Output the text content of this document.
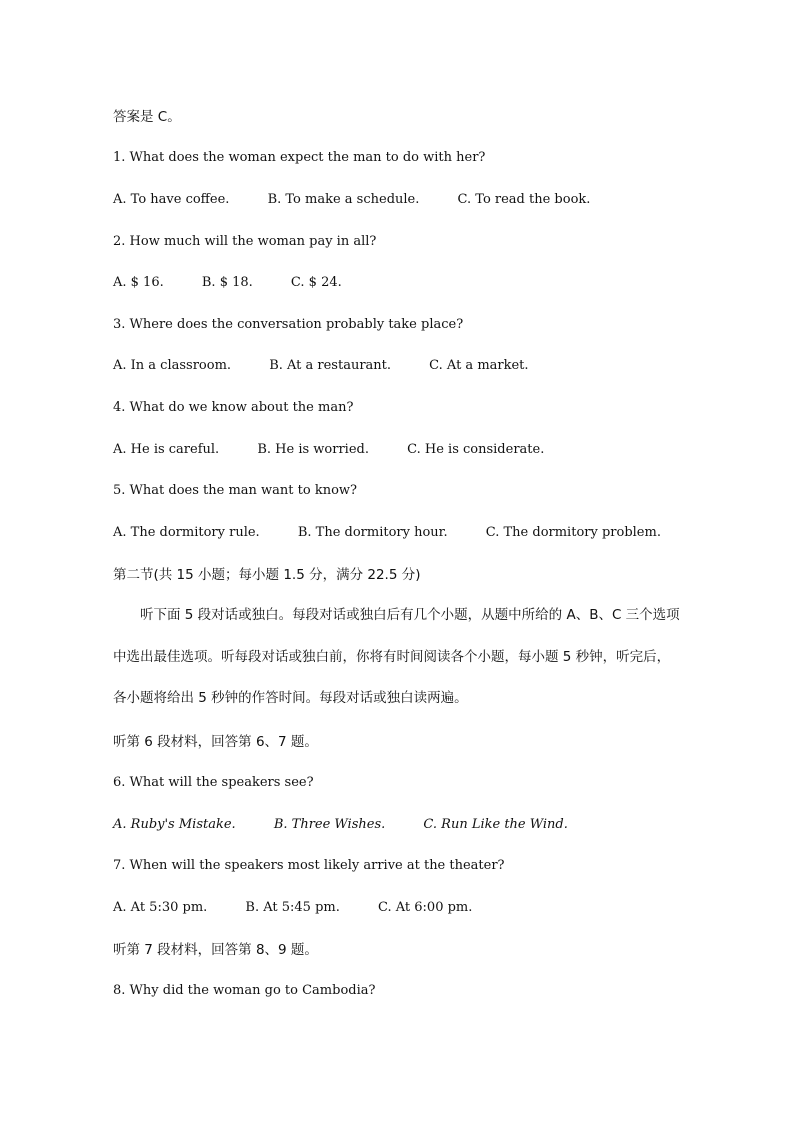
答案是 C。
1. What does the woman expect the man to do with her?
A. To have coffee.	B. To make a schedule.	C. To read the book.
2. How much will the woman pay in all?
A. $ 16.	B. $ 18.	C. $ 24.
3. Where does the conversation probably take place?
A. In a classroom.	B. At a restaurant.	C. At a market.
4. What do we know about the man?
A. He is careful.	B. He is worried.	C. He is considerate.
5. What does the man want to know?
A. The dormitory rule.	B. The dormitory hour.	C. The dormitory problem.
第二节(共 15 小题；每小题 1.5 分，满分 22.5 分)
听下面 5 段对话或独白。每段对话或独白后有几个小题，从题中所给的 A、B、C 三个选项中选出最佳选项。听每段对话或独白前，你将有时间阅读各个小题，每小题 5 秒钟，听完后，各小题将给出 5 秒钟的作答时间。每段对话或独白读两遍。
听第 6 段材料，回答第 6、7 题。
6. What will the speakers see?
A. Ruby's Mistake.	B. Three Wishes.	C. Run Like the Wind.
7. When will the speakers most likely arrive at the theater?
A. At 5:30 pm.	B. At 5:45 pm.	C. At 6:00 pm.
听第 7 段材料，回答第 8、9 题。
8. Why did the woman go to Cambodia?
